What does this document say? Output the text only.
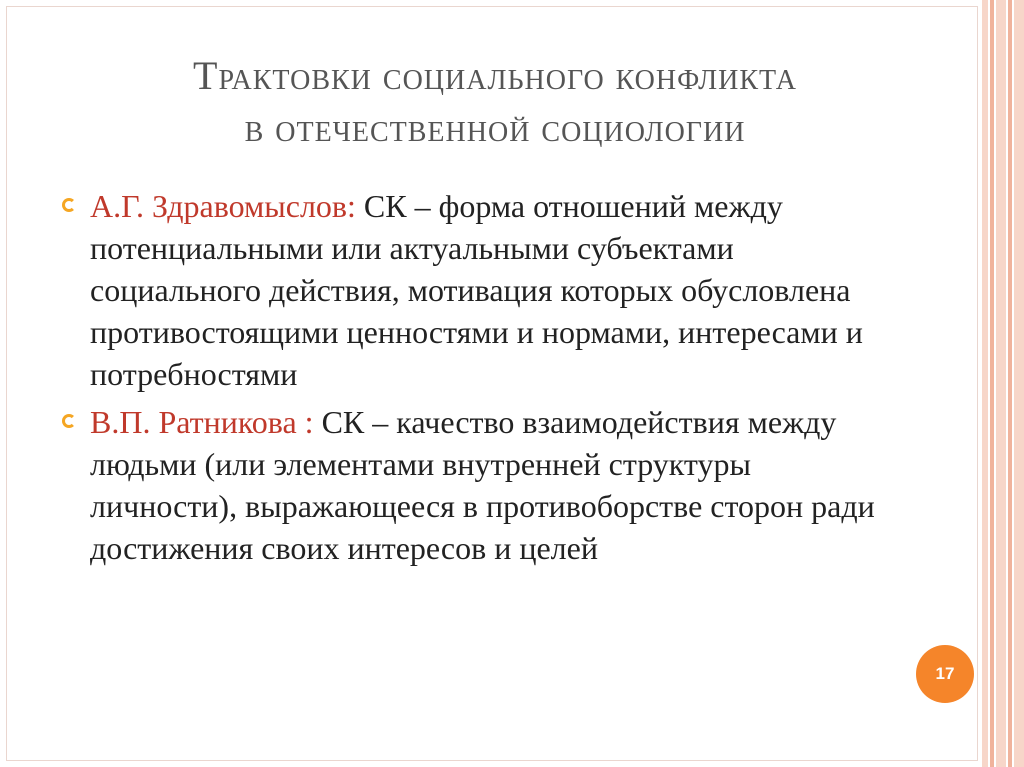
Трактовки социального конфликта
в отечественной социологии
А.Г. Здравомыслов: СК – форма отношений между потенциальными или актуальными субъектами социального действия, мотивация которых обусловлена противостоящими ценностями и нормами, интересами и потребностями
В.П. Ратникова : СК – качество взаимодействия между людьми (или элементами внутренней структуры личности), выражающееся в противоборстве сторон ради достижения своих интересов и целей
17
